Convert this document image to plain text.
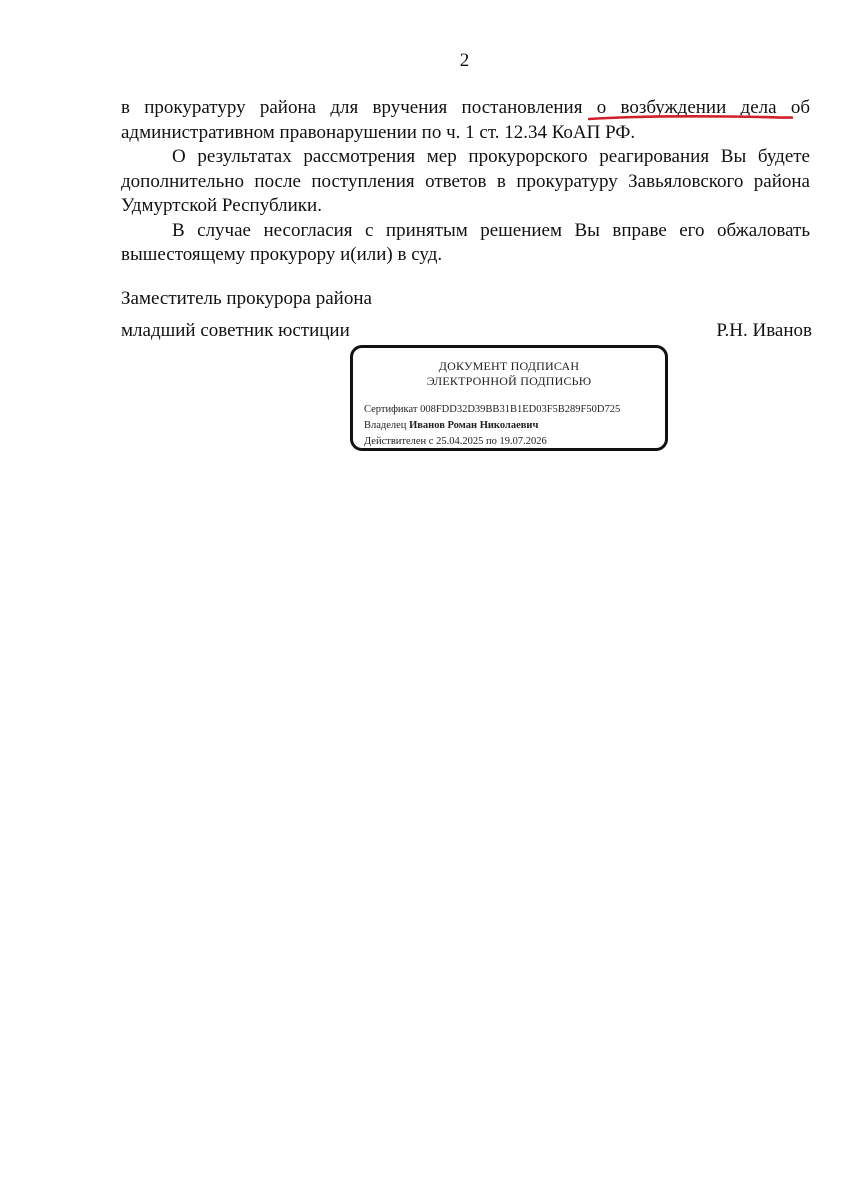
2

в прокуратуру района для вручения постановления о возбуждении дела об административном правонарушении по ч. 1 ст. 12.34 КоАП РФ.

О результатах рассмотрения мер прокурорского реагирования Вы будете дополнительно после поступления ответов в прокуратуру Завьяловского района Удмуртской Республики.

В случае несогласия с принятым решением Вы вправе его обжаловать вышестоящему прокурору и(или) в суд.

Заместитель прокурора района
младший советник юстиции	Р.Н. Иванов
ДОКУМЕНТ ПОДПИСАН
ЭЛЕКТРОННОЙ ПОДПИСЬЮ
Сертификат 008FDD32D39BB31B1ED03F5B289F50D725
Владелец Иванов Роман Николаевич
Действителен с 25.04.2025 по 19.07.2026
